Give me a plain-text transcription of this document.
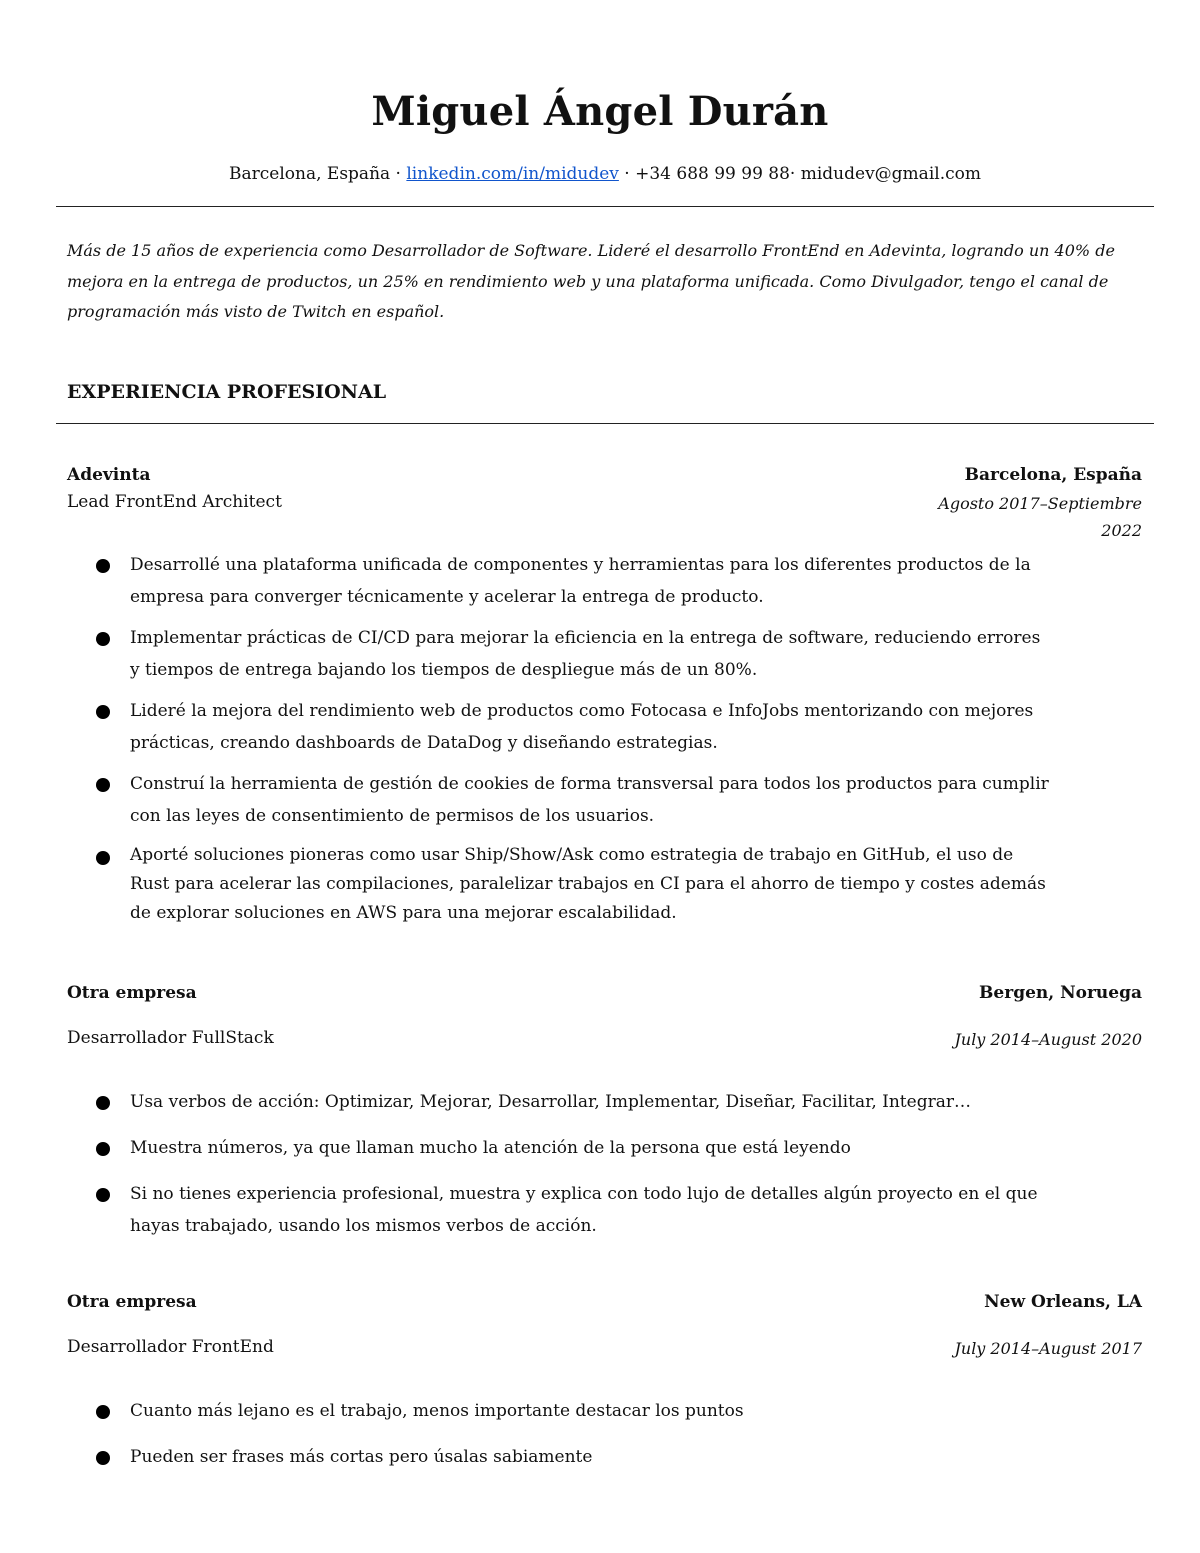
Miguel Ángel Durán
Barcelona, España · linkedin.com/in/midudev · +34 688 99 99 88· midudev@gmail.com
Más de 15 años de experiencia como Desarrollador de Software. Lideré el desarrollo FrontEnd en Adevinta, logrando un 40% de mejora en la entrega de productos, un 25% en rendimiento web y una plataforma unificada. Como Divulgador, tengo el canal de programación más visto de Twitch en español.
EXPERIENCIA PROFESIONAL
Adevinta	Barcelona, España
Lead FrontEnd Architect	Agosto 2017–Septiembre 2022
Desarrollé una plataforma unificada de componentes y herramientas para los diferentes productos de la empresa para converger técnicamente y acelerar la entrega de producto.
Implementar prácticas de CI/CD para mejorar la eficiencia en la entrega de software, reduciendo errores y tiempos de entrega bajando los tiempos de despliegue más de un 80%.
Lideré la mejora del rendimiento web de productos como Fotocasa e InfoJobs mentorizando con mejores prácticas, creando dashboards de DataDog y diseñando estrategias.
Construí la herramienta de gestión de cookies de forma transversal para todos los productos para cumplir con las leyes de consentimiento de permisos de los usuarios.
Aporté soluciones pioneras como usar Ship/Show/Ask como estrategia de trabajo en GitHub, el uso de Rust para acelerar las compilaciones, paralelizar trabajos en CI para el ahorro de tiempo y costes además de explorar soluciones en AWS para una mejorar escalabilidad.
Otra empresa	Bergen, Noruega
Desarrollador FullStack	July 2014–August 2020
Usa verbos de acción: Optimizar, Mejorar, Desarrollar, Implementar, Diseñar, Facilitar, Integrar…
Muestra números, ya que llaman mucho la atención de la persona que está leyendo
Si no tienes experiencia profesional, muestra y explica con todo lujo de detalles algún proyecto en el que hayas trabajado, usando los mismos verbos de acción.
Otra empresa	New Orleans, LA
Desarrollador FrontEnd	July 2014–August 2017
Cuanto más lejano es el trabajo, menos importante destacar los puntos
Pueden ser frases más cortas pero úsalas sabiamente
